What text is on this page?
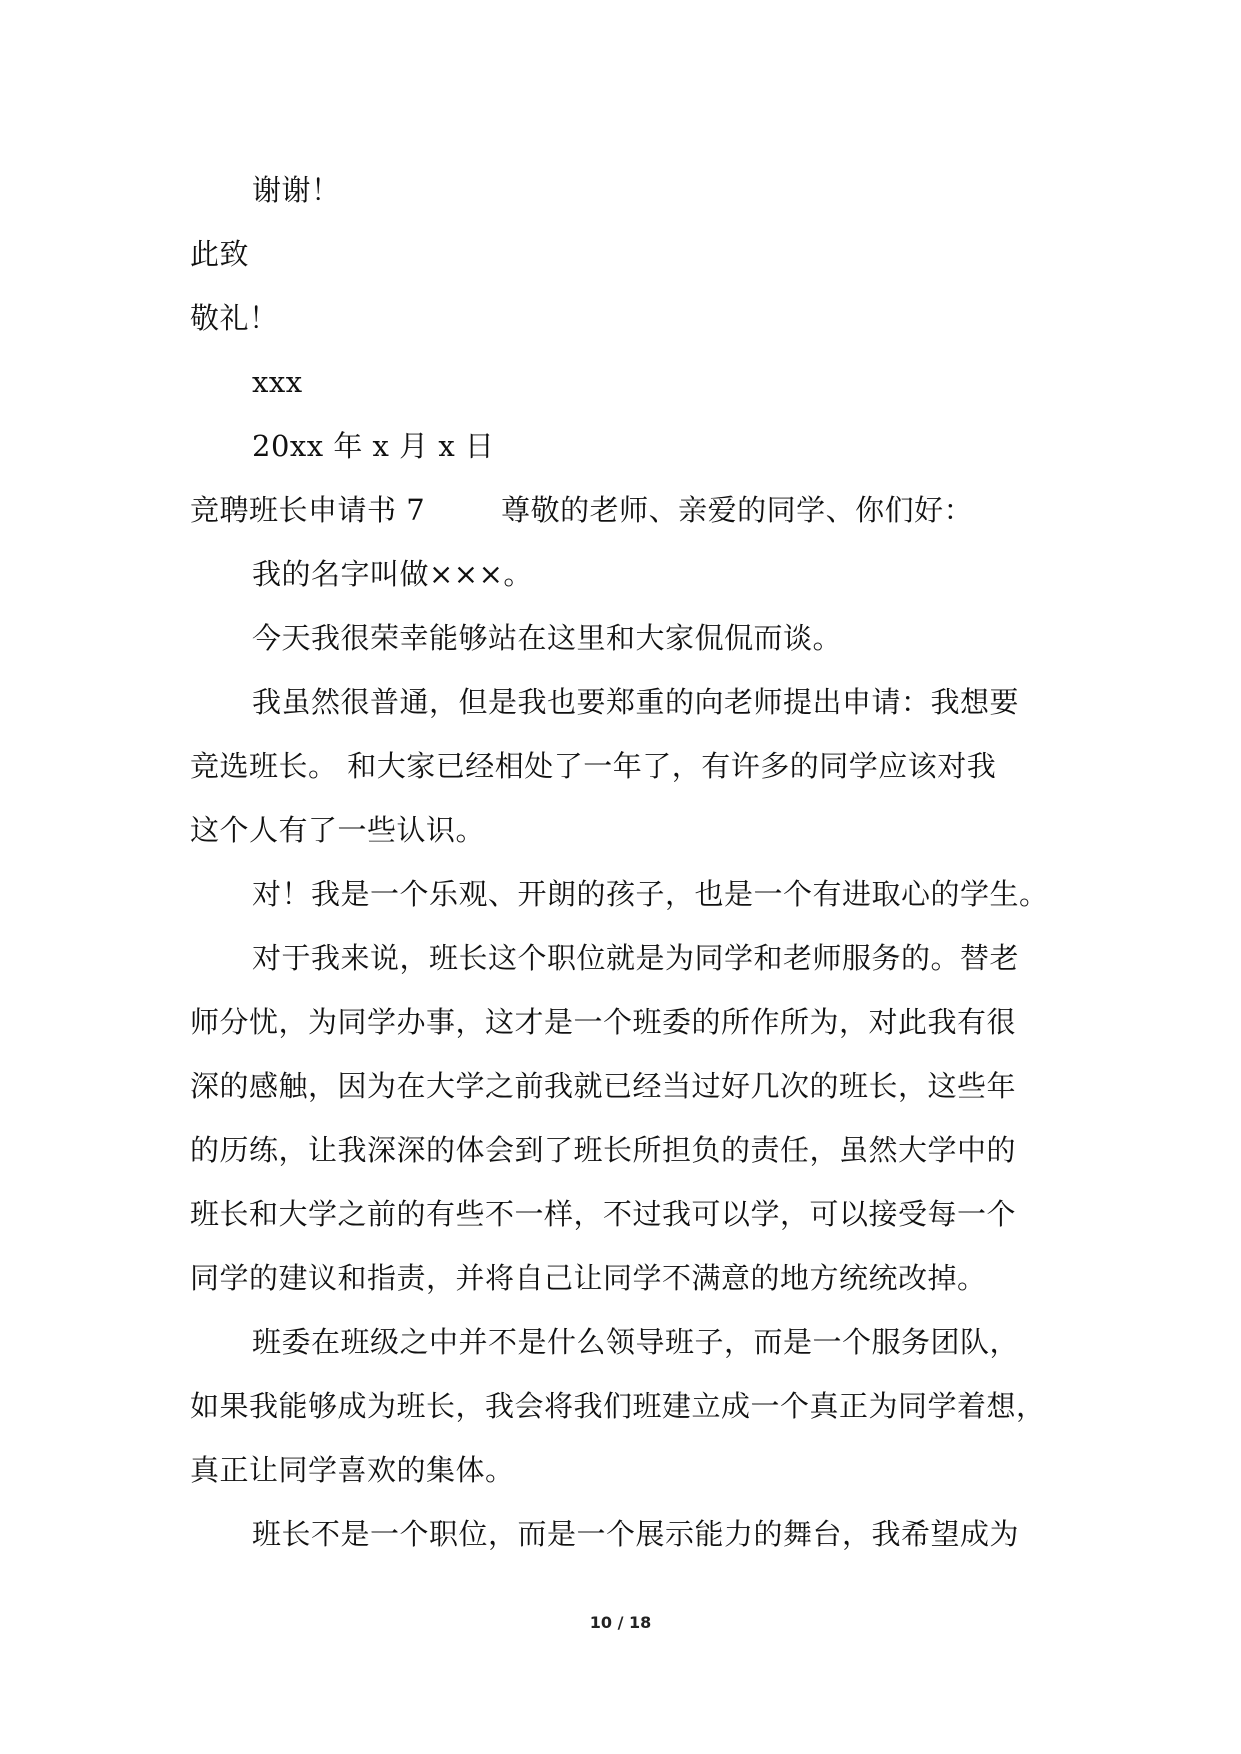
谢谢！
此致
敬礼！
xxx
20xx 年 x 月 x 日
竞聘班长申请书 7	尊敬的老师、亲爱的同学、你们好：
我的名字叫做×××。
今天我很荣幸能够站在这里和大家侃侃而谈。
我虽然很普通，但是我也要郑重的向老师提出申请：我想要
竞选班长。 和大家已经相处了一年了，有许多的同学应该对我
这个人有了一些认识。
对！我是一个乐观、开朗的孩子，也是一个有进取心的学生。
对于我来说，班长这个职位就是为同学和老师服务的。替老
师分忧，为同学办事，这才是一个班委的所作所为，对此我有很
深的感触，因为在大学之前我就已经当过好几次的班长，这些年
的历练，让我深深的体会到了班长所担负的责任，虽然大学中的
班长和大学之前的有些不一样，不过我可以学，可以接受每一个
同学的建议和指责，并将自己让同学不满意的地方统统改掉。
班委在班级之中并不是什么领导班子，而是一个服务团队，
如果我能够成为班长，我会将我们班建立成一个真正为同学着想，
真正让同学喜欢的集体。
班长不是一个职位，而是一个展示能力的舞台，我希望成为
10 / 18
